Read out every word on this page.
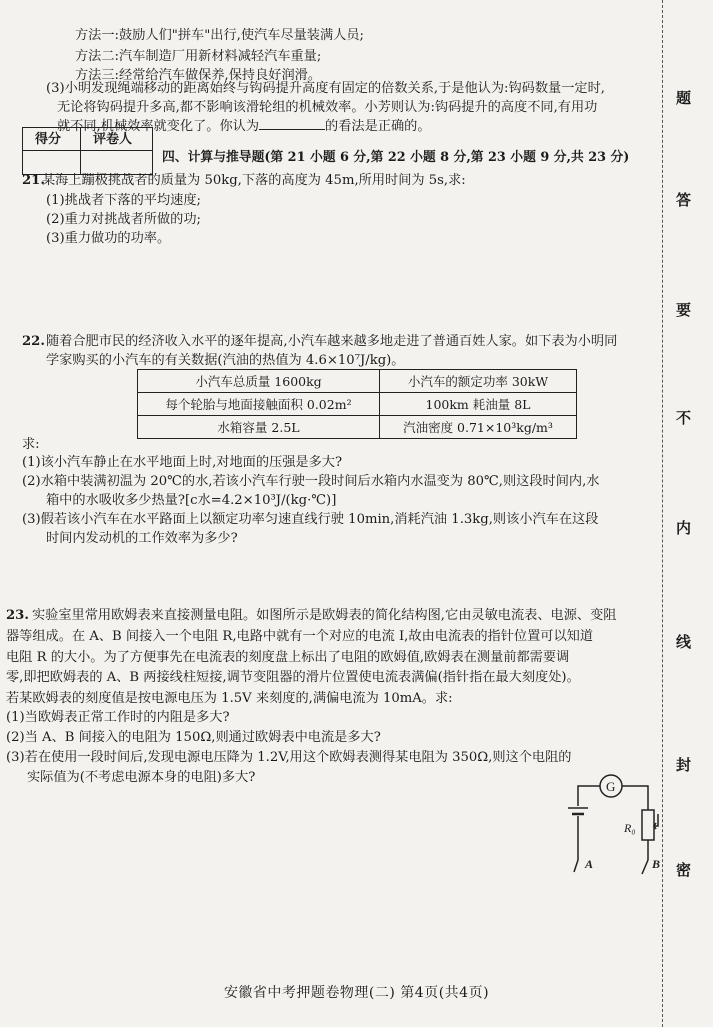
方法一:鼓励人们"拼车"出行,使汽车尽量装满人员;
方法二:汽车制造厂用新材料减轻汽车重量;
方法三:经常给汽车做保养,保持良好润滑。
(3)小明发现绳端移动的距离始终与钩码提升高度有固定的倍数关系,于是他认为:钩码数量一定时,
无论将钩码提升多高,都不影响该滑轮组的机械效率。小芳则认为:钩码提升的高度不同,有用功
就不同,机械效率就变化了。你认为	的看法是正确的。
得分 评卷人
四、计算与推导题(第 21 小题 6 分,第 22 小题 8 分,第 23 小题 9 分,共 23 分)
21.
某海上蹦极挑战者的质量为 50kg,下落的高度为 45m,所用时间为 5s,求:
(1)挑战者下落的平均速度;
(2)重力对挑战者所做的功;
(3)重力做功的功率。
22. 随着合肥市民的经济收入水平的逐年提高,小汽车越来越多地走进了普通百姓人家。如下表为小明同
学家购买的小汽车的有关数据(汽油的热值为 4.6×10⁷J/kg)。
小汽车总质量 1600kg	小汽车的额定功率 30kW
每个轮胎与地面接触面积 0.02m²	100km 耗油量 8L
水箱容量 2.5L	汽油密度 0.71×10³kg/m³
求:
(1)该小汽车静止在水平地面上时,对地面的压强是多大?
(2)水箱中装满初温为 20℃的水,若该小汽车行驶一段时间后水箱内水温变为 80℃,则这段时间内,水
箱中的水吸收多少热量?[c水=4.2×10³J/(kg·℃)]
(3)假若该小汽车在水平路面上以额定功率匀速直线行驶 10min,消耗汽油 1.3kg,则该小汽车在这段
时间内发动机的工作效率为多少?
23. 实验室里常用欧姆表来直接测量电阻。如图所示是欧姆表的简化结构图,它由灵敏电流表、电源、变阻
器等组成。在 A、B 间接入一个电阻 R,电路中就有一个对应的电流 I,故由电流表的指针位置可以知道
电阻 R 的大小。为了方便事先在电流表的刻度盘上标出了电阻的欧姆值,欧姆表在测量前都需要调
零,即把欧姆表的 A、B 两接线柱短接,调节变阻器的滑片位置使电流表满偏(指针指在最大刻度处)。
若某欧姆表的刻度值是按电源电压为 1.5V 来刻度的,满偏电流为 10mA。求:
(1)当欧姆表正常工作时的内阻是多大?
(2)当 A、B 间接入的电阻为 150Ω,则通过欧姆表中电流是多大?
(3)若在使用一段时间后,发现电源电压降为 1.2V,用这个欧姆表测得某电阻为 350Ω,则这个电阻的
实际值为(不考虑电源本身的电阻)多大?
G
R₀
A	B
题
答
要
不
内
线
封
密
安徽省中考押题卷物理(二) 第4页(共4页)
